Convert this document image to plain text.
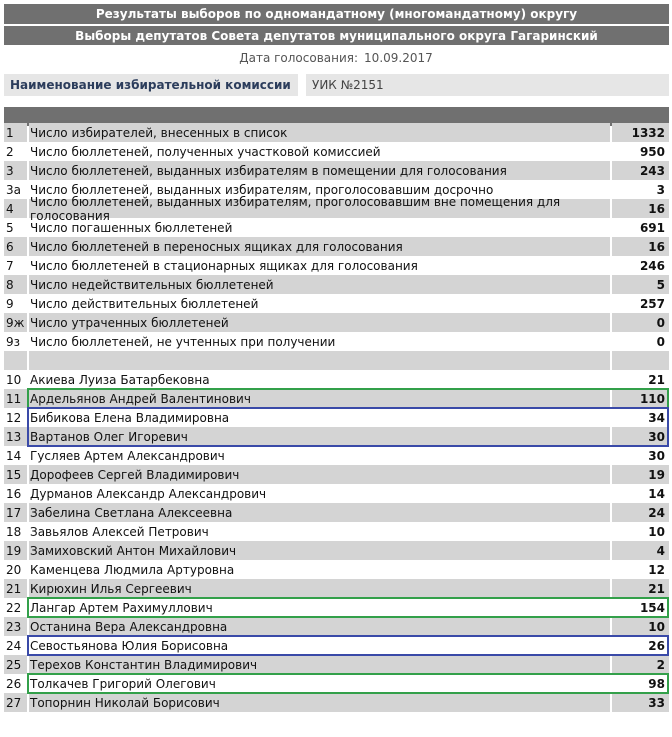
Результаты выборов по одномандатному (многомандатному) округу
Выборы депутатов Совета депутатов муниципального округа Гагаринский
Дата голосования: 10.09.2017
Наименование избирательной комиссии	УИК №2151
1	Число избирателей, внесенных в список	1332
2	Число бюллетеней, полученных участковой комиссией	950
3	Число бюллетеней, выданных избирателям в помещении для голосования	243
3а Число бюллетеней, выданных избирателям, проголосовавшим досрочно	3
4	Число бюллетеней, выданных избирателям, проголосовавшим вне помещения для голосования	16
5	Число погашенных бюллетеней	691
6	Число бюллетеней в переносных ящиках для голосования	16
7	Число бюллетеней в стационарных ящиках для голосования	246
8	Число недействительных бюллетеней	5
9	Число действительных бюллетеней	257
9ж Число утраченных бюллетеней	0
9з Число бюллетеней, не учтенных при получении	0
10 Акиева Луиза Батарбековна	21
11 Ардельянов Андрей Валентинович	110
12 Бибикова Елена Владимировна	34
13 Вартанов Олег Игоревич	30
14 Гусляев Артем Александрович	30
15 Дорофеев Сергей Владимирович	19
16 Дурманов Александр Александрович	14
17 Забелина Светлана Алексеевна	24
18 Завьялов Алексей Петрович	10
19 Замиховский Антон Михайлович	4
20 Каменцева Людмила Артуровна	12
21 Кирюхин Илья Сергеевич	21
22 Лангар Артем Рахимуллович	154
23 Останина Вера Александровна	10
24 Севостьянова Юлия Борисовна	26
25 Терехов Константин Владимирович	2
26 Толкачев Григорий Олегович	98
27 Топорнин Николай Борисович	33
